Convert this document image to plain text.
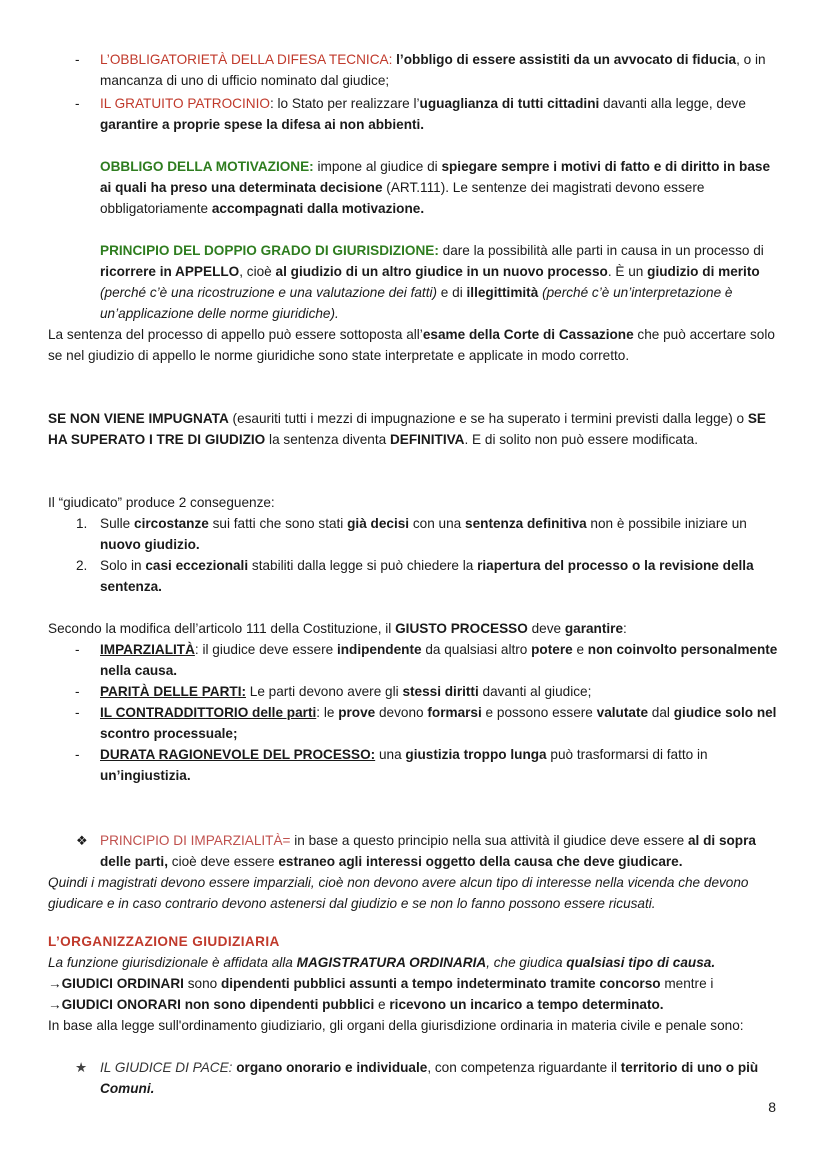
- L’OBBLIGATORIETÀ DELLA DIFESA TECNICA: l’obbligo di essere assistiti da un avvocato di fiducia, o in mancanza di uno di ufficio nominato dal giudice;
- IL GRATUITO PATROCINIO: lo Stato per realizzare l’uguaglianza di tutti cittadini davanti alla legge, deve garantire a proprie spese la difesa ai non abbienti.
OBBLIGO DELLA MOTIVAZIONE: impone al giudice di spiegare sempre i motivi di fatto e di diritto in base ai quali ha preso una determinata decisione (ART.111). Le sentenze dei magistrati devono essere obbligatoriamente accompagnati dalla motivazione.
PRINCIPIO DEL DOPPIO GRADO DI GIURISDIZIONE: dare la possibilità alle parti in causa in un processo di ricorrere in APPELLO, cioè al giudizio di un altro giudice in un nuovo processo. È un giudizio di merito (perché c’è una ricostruzione e una valutazione dei fatti) e di illegittimità (perché c’è un’interpretazione è un’applicazione delle norme giuridiche).
La sentenza del processo di appello può essere sottoposta all’esame della Corte di Cassazione che può accertare solo se nel giudizio di appello le norme giuridiche sono state interpretate e applicate in modo corretto.
SE NON VIENE IMPUGNATA (esauriti tutti i mezzi di impugnazione e se ha superato i termini previsti dalla legge) o SE HA SUPERATO I TRE DI GIUDIZIO la sentenza diventa DEFINITIVA. E di solito non può essere modificata.
Il “giudicato” produce 2 conseguenze:
1. Sulle circostanze sui fatti che sono stati già decisi con una sentenza definitiva non è possibile iniziare un nuovo giudizio.
2. Solo in casi eccezionali stabiliti dalla legge si può chiedere la riapertura del processo o la revisione della sentenza.
Secondo la modifica dell’articolo 111 della Costituzione, il GIUSTO PROCESSO deve garantire:
- IMPARZIALITÀ: il giudice deve essere indipendente da qualsiasi altro potere e non coinvolto personalmente nella causa.
- PARITÀ DELLE PARTI: Le parti devono avere gli stessi diritti davanti al giudice;
- IL CONTRADDITTORIO delle parti: le prove devono formarsi e possono essere valutate dal giudice solo nel scontro processuale;
- DURATA RAGIONEVOLE DEL PROCESSO: una giustizia troppo lunga può trasformarsi di fatto in un’ingiustizia.
❖ PRINCIPIO DI IMPARZIALITÀ= in base a questo principio nella sua attività il giudice deve essere al di sopra delle parti, cioè deve essere estraneo agli interessi oggetto della causa che deve giudicare.
Quindi i magistrati devono essere imparziali, cioè non devono avere alcun tipo di interesse nella vicenda che devono giudicare e in caso contrario devono astenersi dal giudizio e se non lo fanno possono essere ricusati.
L’ORGANIZZAZIONE GIUDIZIARIA
La funzione giurisdizionale è affidata alla MAGISTRATURA ORDINARIA, che giudica qualsiasi tipo di causa.
→GIUDICI ORDINARI sono dipendenti pubblici assunti a tempo indeterminato tramite concorso mentre i
→GIUDICI ONORARI non sono dipendenti pubblici e ricevono un incarico a tempo determinato.
In base alla legge sull'ordinamento giudiziario, gli organi della giurisdizione ordinaria in materia civile e penale sono:
★ IL GIUDICE DI PACE: organo onorario e individuale, con competenza riguardante il territorio di uno o più Comuni.
8
